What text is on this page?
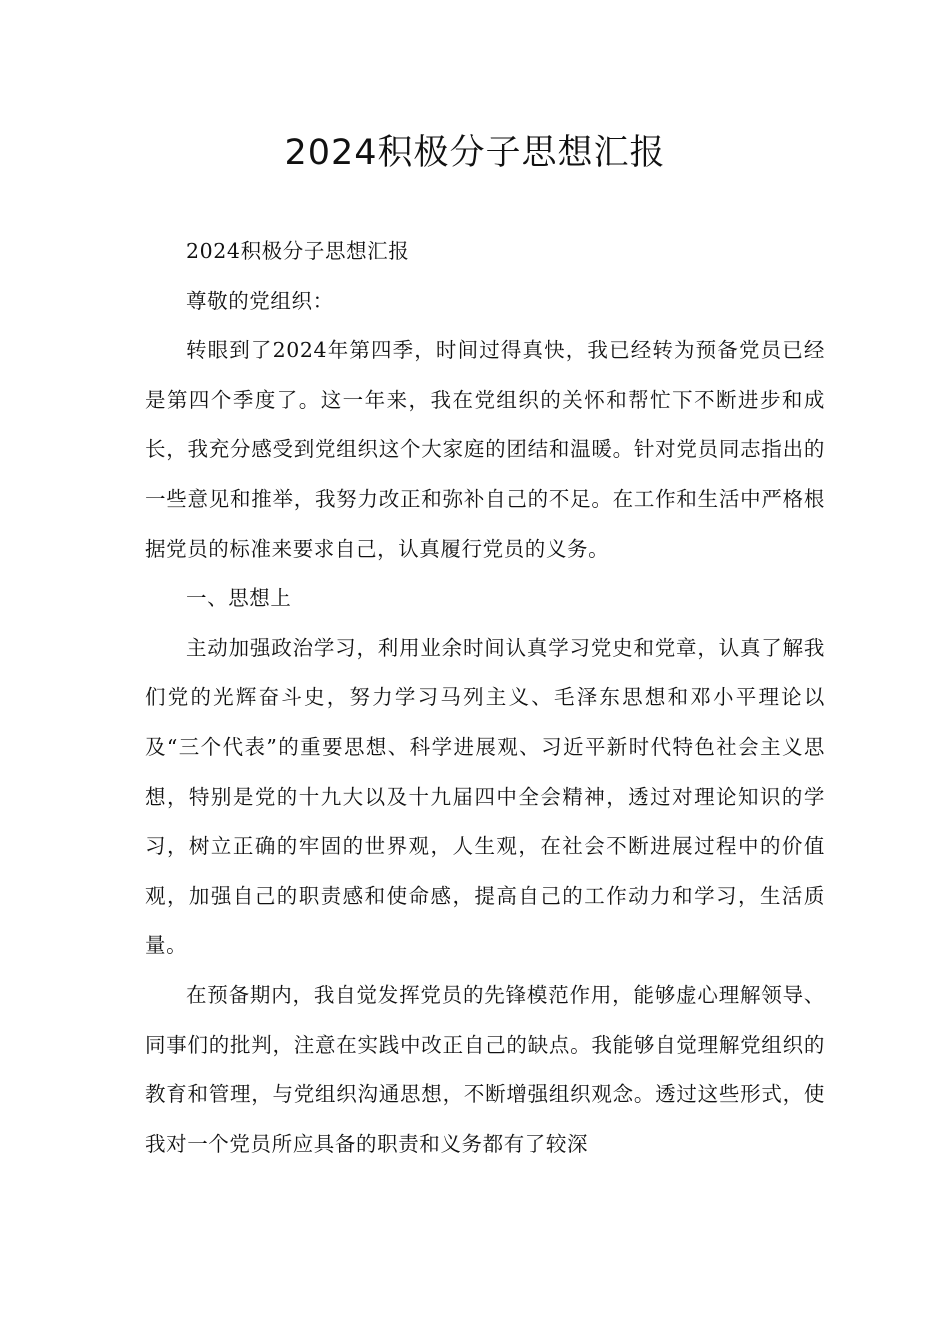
2024积极分子思想汇报

2024积极分子思想汇报

尊敬的党组织：

转眼到了2024年第四季，时间过得真快，我已经转为预备党员已经是第四个季度了。这一年来，我在党组织的关怀和帮忙下不断进步和成长，我充分感受到党组织这个大家庭的团结和温暖。针对党员同志指出的一些意见和推举，我努力改正和弥补自己的不足。在工作和生活中严格根据党员的标准来要求自己，认真履行党员的义务。

一、思想上

主动加强政治学习，利用业余时间认真学习党史和党章，认真了解我们党的光辉奋斗史，努力学习马列主义、毛泽东思想和邓小平理论以及“三个代表”的重要思想、科学进展观、习近平新时代特色社会主义思想，特别是党的十九大以及十九届四中全会精神，透过对理论知识的学习，树立正确的牢固的世界观，人生观，在社会不断进展过程中的价值观，加强自己的职责感和使命感，提高自己的工作动力和学习，生活质量。

在预备期内，我自觉发挥党员的先锋模范作用，能够虚心理解领导、同事们的批判，注意在实践中改正自己的缺点。我能够自觉理解党组织的教育和管理，与党组织沟通思想，不断增强组织观念。透过这些形式，使我对一个党员所应具备的职责和义务都有了较深
